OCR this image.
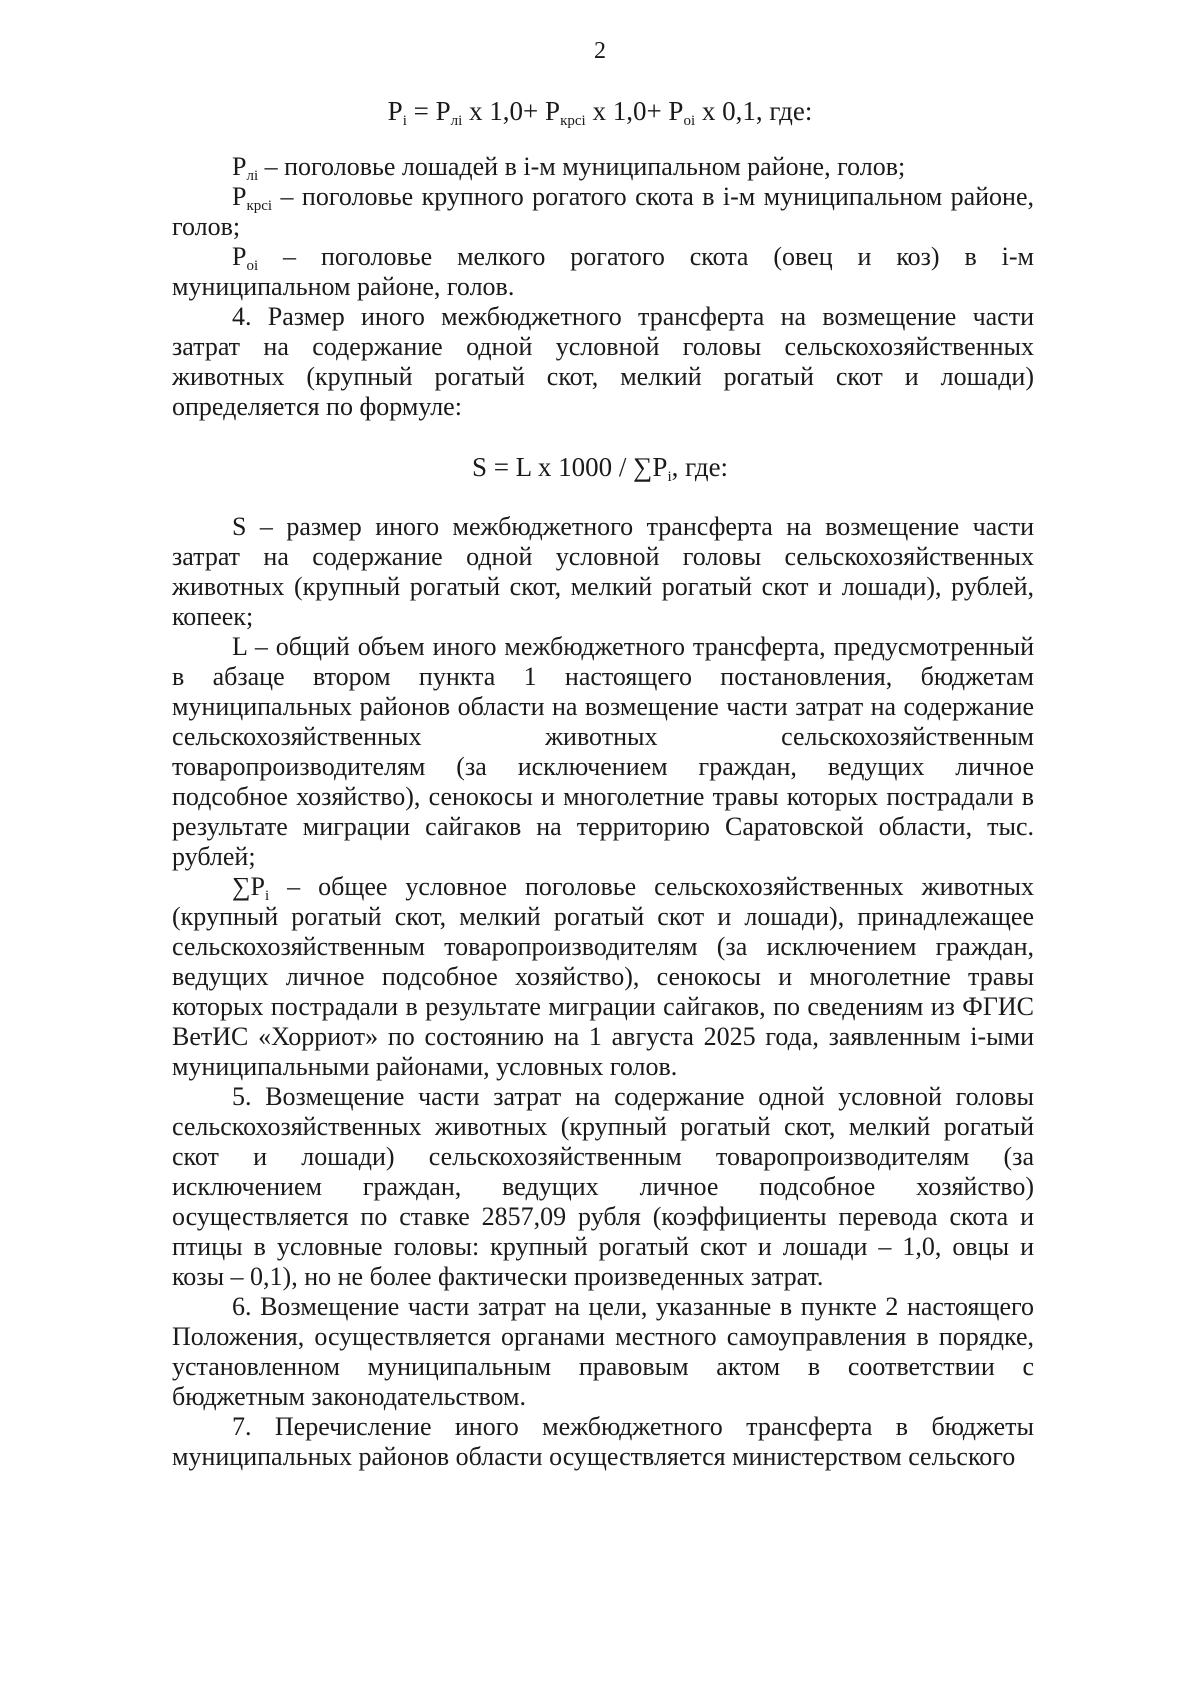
2
$P_i = P_{лi}$ x $1,0+ P_{крсi}$ x $1,0+ P_{оi}$ x 0,1, где:

$P_{лi}$ – поголовье лошадей в i-м муниципальном районе, голов;

$P_{крсi}$ – поголовье крупного рогатого скота в i-м муниципальном районе, голов;

$P_{оi}$ – поголовье мелкого рогатого скота (овец и коз) в i-м муниципальном районе, голов.

4. Размер иного межбюджетного трансферта на возмещение части затрат на содержание одной условной головы сельскохозяйственных животных (крупный рогатый скот, мелкий рогатый скот и лошади) определяется по формуле:

S = L x $1000 / \sum P_i$, где:

S – размер иного межбюджетного трансферта на возмещение части затрат на содержание одной условной головы сельскохозяйственных животных (крупный рогатый скот, мелкий рогатый скот и лошади), рублей, копеек;

L – общий объем иного межбюджетного трансферта, предусмотренный в абзаце втором пункта 1 настоящего постановления, бюджетам муниципальных районов области на возмещение части затрат на содержание сельскохозяйственных животных сельскохозяйственным товаропроизводителям (за исключением граждан, ведущих личное подсобное хозяйство), сенокосы и многолетние травы которых пострадали в результате миграции сайгаков на территорию Саратовской области, тыс. рублей;

$\sum P_i$ – общее условное поголовье сельскохозяйственных животных (крупный рогатый скот, мелкий рогатый скот и лошади), принадлежащее сельскохозяйственным товаропроизводителям (за исключением граждан, ведущих личное подсобное хозяйство), сенокосы и многолетние травы которых пострадали в результате миграции сайгаков, по сведениям из ФГИС ВетИС «Хорриот» по состоянию на 1 августа 2025 года, заявленным i-ыми муниципальными районами, условных голов.

5. Возмещение части затрат на содержание одной условной головы сельскохозяйственных животных (крупный рогатый скот, мелкий рогатый скот и лошади) сельскохозяйственным товаропроизводителям (за исключением граждан, ведущих личное подсобное хозяйство) осуществляется по ставке 2857,09 рубля (коэффициенты перевода скота и птицы в условные головы: крупный рогатый скот и лошади – 1,0, овцы и козы – 0,1), но не более фактически произведенных затрат.

6. Возмещение части затрат на цели, указанные в пункте 2 настоящего Положения, осуществляется органами местного самоуправления в порядке, установленном муниципальным правовым актом в соответствии с бюджетным законодательством.

7. Перечисление иного межбюджетного трансферта в бюджеты муниципальных районов области осуществляется министерством сельского
